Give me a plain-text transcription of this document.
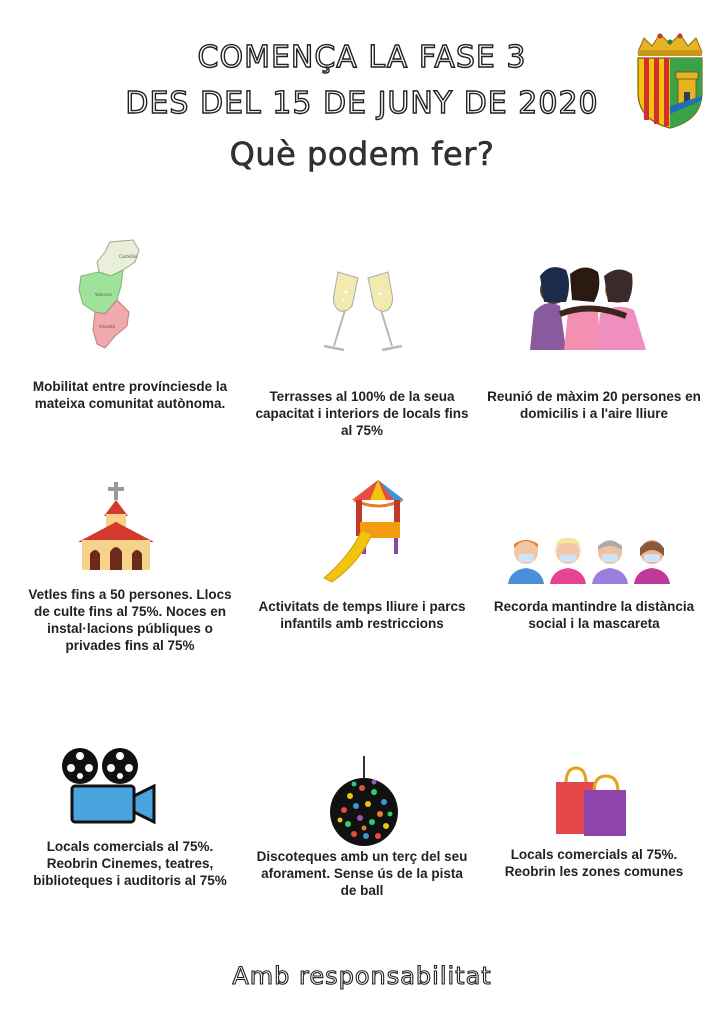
COMENÇA LA FASE 3
DES DEL 15 DE JUNY DE 2020
Què podem fer?
Castellón
Valencia
Alicante
Mobilitat entre provínciesde la mateixa comunitat autònoma.	Terrasses al 100% de la seua capacitat i interiors de locals fins al 75%
Reunió de màxim 20 persones en domicilis i a l'aire lliure
Vetles fins a 50 persones. Llocs de culte fins al 75%. Noces en instal·lacions públiques o privades fins al 75%
Activitats de temps lliure i parcs infantils amb restriccions
Recorda mantindre la distància social i la mascareta
Locals comercials al 75%. Reobrin Cinemes, teatres, biblioteques i auditoris al 75%
Discoteques amb un terç del seu aforament. Sense ús de la pista de ball
Locals comercials al 75%. Reobrin les zones comunes
Amb responsabilitat
